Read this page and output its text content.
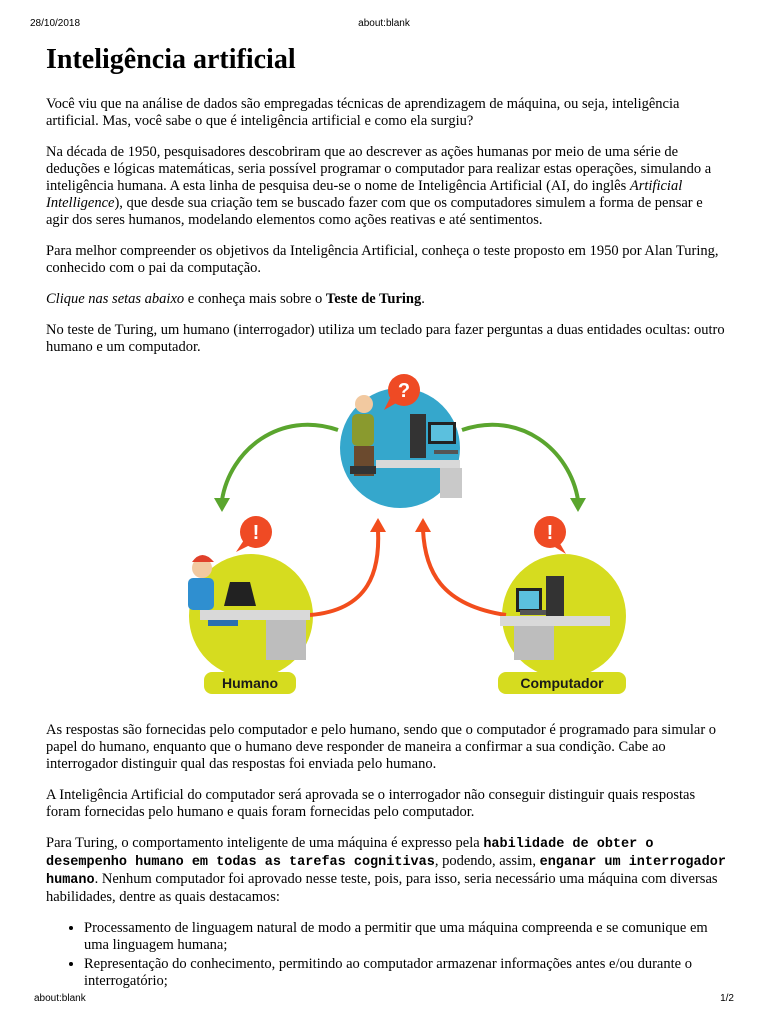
28/10/2018	about:blank
Inteligência artificial

Você viu que na análise de dados são empregadas técnicas de aprendizagem de máquina, ou seja, inteligência artificial. Mas, você sabe o que é inteligência artificial e como ela surgiu?

Na década de 1950, pesquisadores descobriram que ao descrever as ações humanas por meio de uma série de deduções e lógicas matemáticas, seria possível programar o computador para realizar estas operações, simulando a inteligência humana. A esta linha de pesquisa deu-se o nome de Inteligência Artificial (AI, do inglês Artificial Intelligence), que desde sua criação tem se buscado fazer com que os computadores simulem a forma de pensar e agir dos seres humanos, modelando elementos como ações reativas e até sentimentos.

Para melhor compreender os objetivos da Inteligência Artificial, conheça o teste proposto em 1950 por Alan Turing, conhecido com o pai da computação.

Clique nas setas abaixo e conheça mais sobre o Teste de Turing.

No teste de Turing, um humano (interrogador) utiliza um teclado para fazer perguntas a duas entidades ocultas: outro humano e um computador.

?
!	!
Humano	Computador

As respostas são fornecidas pelo computador e pelo humano, sendo que o computador é programado para simular o papel do humano, enquanto que o humano deve responder de maneira a confirmar a sua condição. Cabe ao interrogador distinguir qual das respostas foi enviada pelo humano.

A Inteligência Artificial do computador será aprovada se o interrogador não conseguir distinguir quais respostas foram fornecidas pelo humano e quais foram fornecidas pelo computador.

Para Turing, o comportamento inteligente de uma máquina é expresso pela habilidade de obter o desempenho humano em todas as tarefas cognitivas, podendo, assim, enganar um interrogador humano. Nenhum computador foi aprovado nesse teste, pois, para isso, seria necessário uma máquina com diversas habilidades, dentre as quais destacamos:

• Processamento de linguagem natural de modo a permitir que uma máquina compreenda e se comunique em uma linguagem humana;
• Representação do conhecimento, permitindo ao computador armazenar informações antes e/ou durante o interrogatório;
about:blank	1/2
